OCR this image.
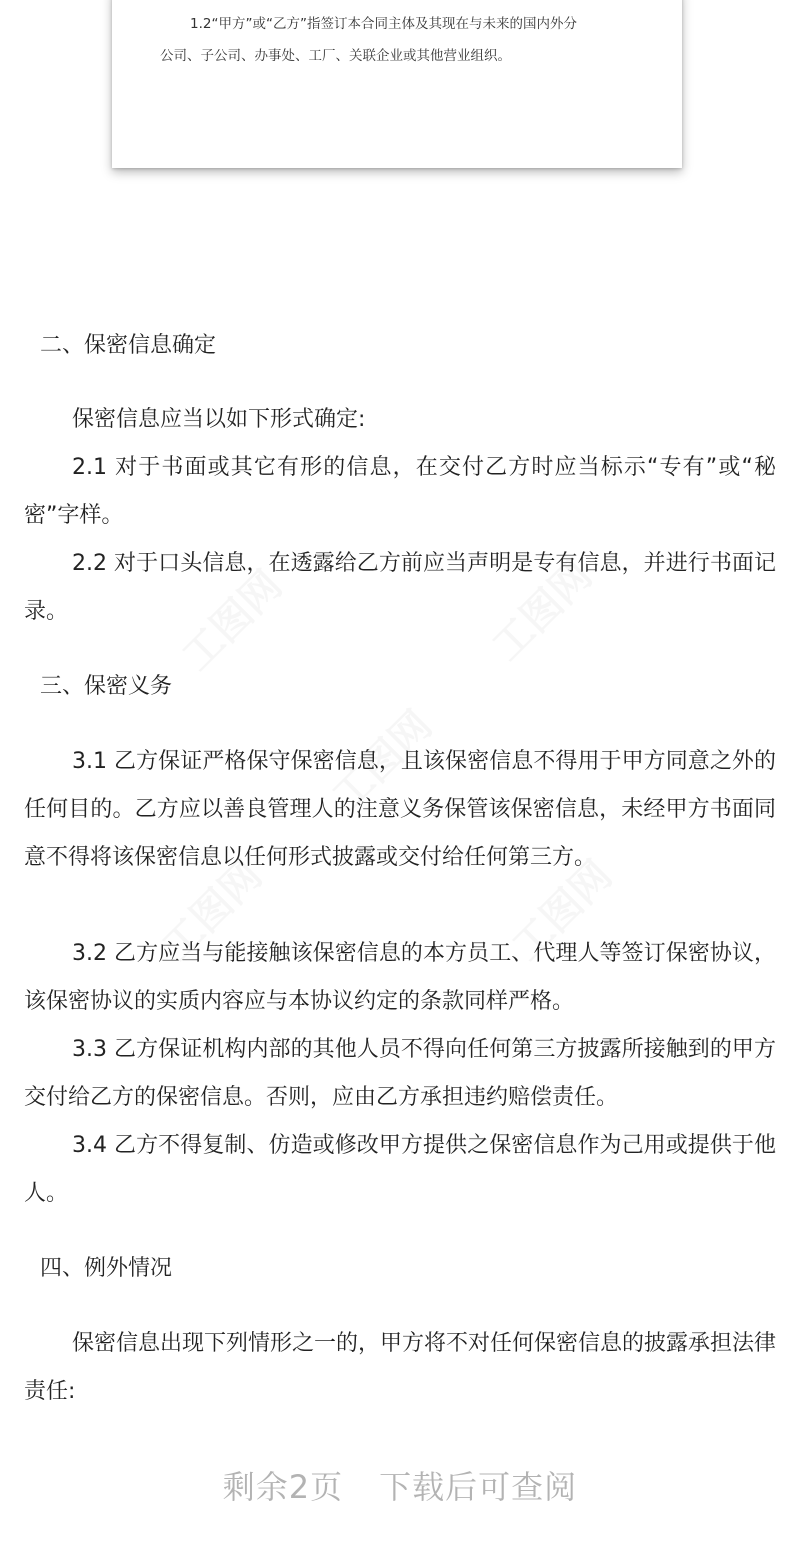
1.2“甲方”或“乙方”指签订本合同主体及其现在与未来的国内外分
公司、子公司、办事处、工厂、关联企业或其他营业组织。
二、保密信息确定

保密信息应当以如下形式确定:

2.1 对于书面或其它有形的信息，在交付乙方时应当标示“专有”或“秘密”字样。

2.2 对于口头信息，在透露给乙方前应当声明是专有信息，并进行书面记录。

三、保密义务

3.1 乙方保证严格保守保密信息，且该保密信息不得用于甲方同意之外的任何目的。乙方应以善良管理人的注意义务保管该保密信息，未经甲方书面同意不得将该保密信息以任何形式披露或交付给任何第三方。

3.2 乙方应当与能接触该保密信息的本方员工、代理人等签订保密协议，该保密协议的实质内容应与本协议约定的条款同样严格。

3.3 乙方保证机构内部的其他人员不得向任何第三方披露所接触到的甲方交付给乙方的保密信息。否则，应由乙方承担违约赔偿责任。

3.4 乙方不得复制、仿造或修改甲方提供之保密信息作为己用或提供于他人。

四、例外情况

保密信息出现下列情形之一的，甲方将不对任何保密信息的披露承担法律责任:

剩余2页 下载后可查阅
